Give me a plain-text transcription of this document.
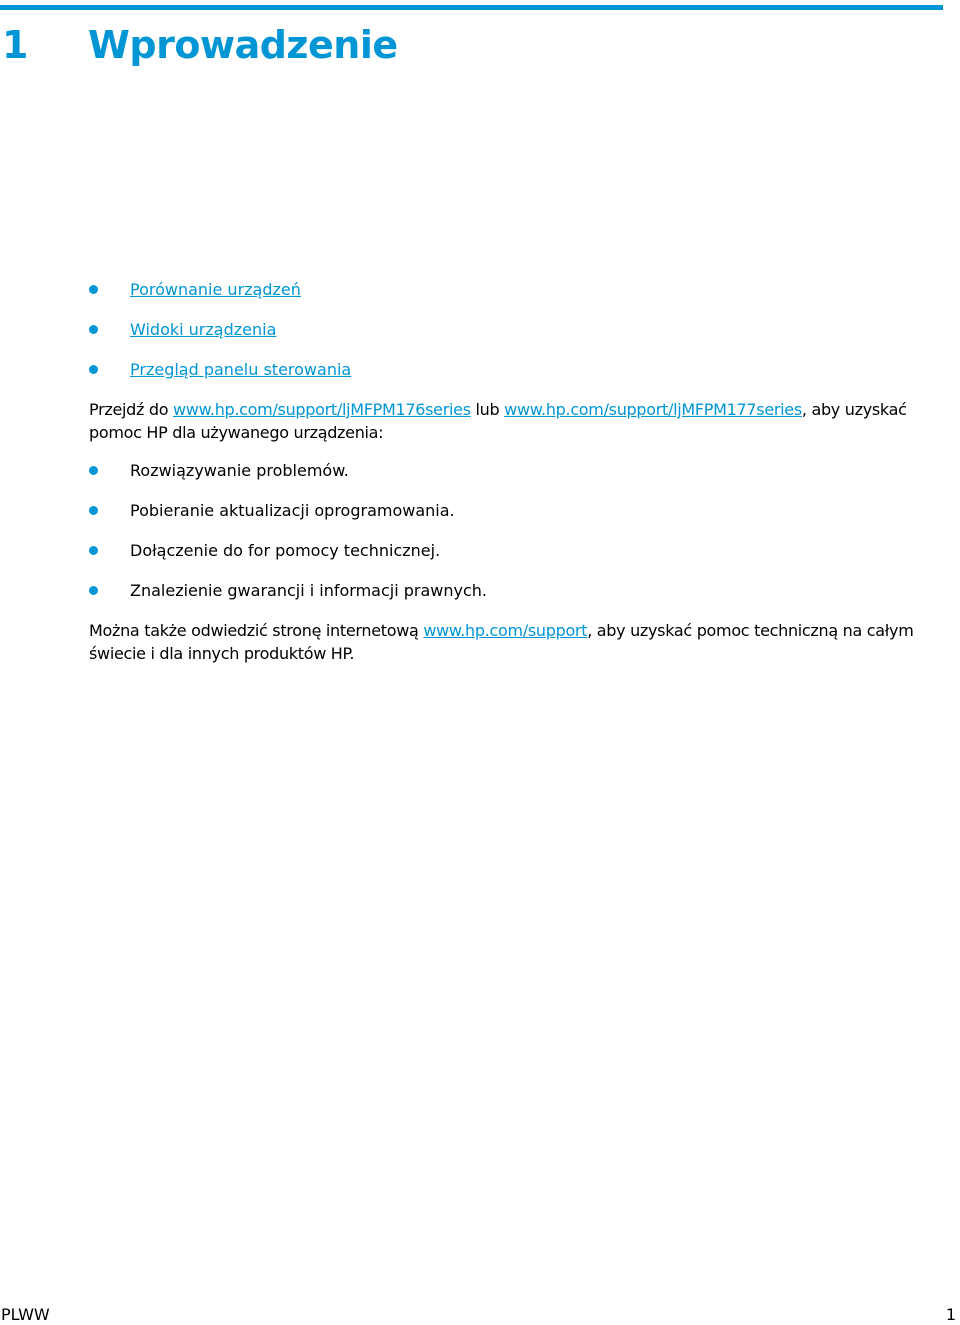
1 Wprowadzenie
Porównanie urządzeń
Widoki urządzenia
Przegląd panelu sterowania

Przejdź do www.hp.com/support/ljMFPM176series lub www.hp.com/support/ljMFPM177series, aby uzyskać pomoc HP dla używanego urządzenia:

Rozwiązywanie problemów.
Pobieranie aktualizacji oprogramowania.
Dołączenie do for pomocy technicznej.
Znalezienie gwarancji i informacji prawnych.

Można także odwiedzić stronę internetową www.hp.com/support, aby uzyskać pomoc techniczną na całym świecie i dla innych produktów HP.

PLWW	1
